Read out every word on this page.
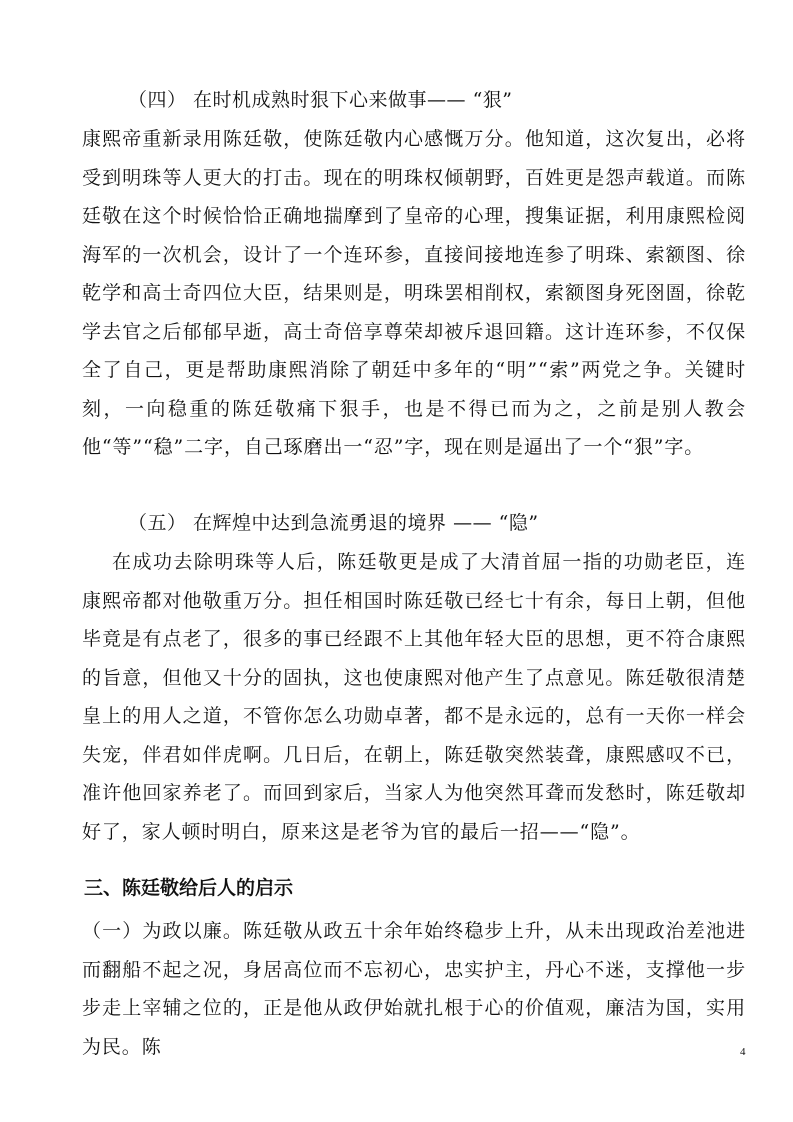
（四） 在时机成熟时狠下心来做事—— “狠”
康熙帝重新录用陈廷敬，使陈廷敬内心感慨万分。他知道，这次复出，必将受到明珠等人更大的打击。现在的明珠权倾朝野，百姓更是怨声载道。而陈廷敬在这个时候恰恰正确地揣摩到了皇帝的心理，搜集证据，利用康熙检阅海军的一次机会，设计了一个连环参，直接间接地连参了明珠、索额图、徐乾学和高士奇四位大臣，结果则是，明珠罢相削权，索额图身死囹圄，徐乾学去官之后郁郁早逝，高士奇倍享尊荣却被斥退回籍。这计连环参，不仅保全了自己，更是帮助康熙消除了朝廷中多年的“明”“索”两党之争。关键时刻，一向稳重的陈廷敬痛下狠手，也是不得已而为之，之前是别人教会他“等”“稳”二字，自己琢磨出一“忍”字，现在则是逼出了一个“狠”字。
（五） 在辉煌中达到急流勇退的境界 —— “隐”
在成功去除明珠等人后，陈廷敬更是成了大清首屈一指的功勋老臣，连康熙帝都对他敬重万分。担任相国时陈廷敬已经七十有余，每日上朝，但他毕竟是有点老了，很多的事已经跟不上其他年轻大臣的思想，更不符合康熙的旨意，但他又十分的固执，这也使康熙对他产生了点意见。陈廷敬很清楚皇上的用人之道，不管你怎么功勋卓著，都不是永远的，总有一天你一样会失宠，伴君如伴虎啊。几日后，在朝上，陈廷敬突然装聋，康熙感叹不已，准许他回家养老了。而回到家后，当家人为他突然耳聋而发愁时，陈廷敬却好了，家人顿时明白，原来这是老爷为官的最后一招——“隐”。
三、陈廷敬给后人的启示
（一）为政以廉。陈廷敬从政五十余年始终稳步上升，从未出现政治差池进而翻船不起之况，身居高位而不忘初心，忠实护主，丹心不迷，支撑他一步步走上宰辅之位的，正是他从政伊始就扎根于心的价值观，廉洁为国，实用为民。陈	4
